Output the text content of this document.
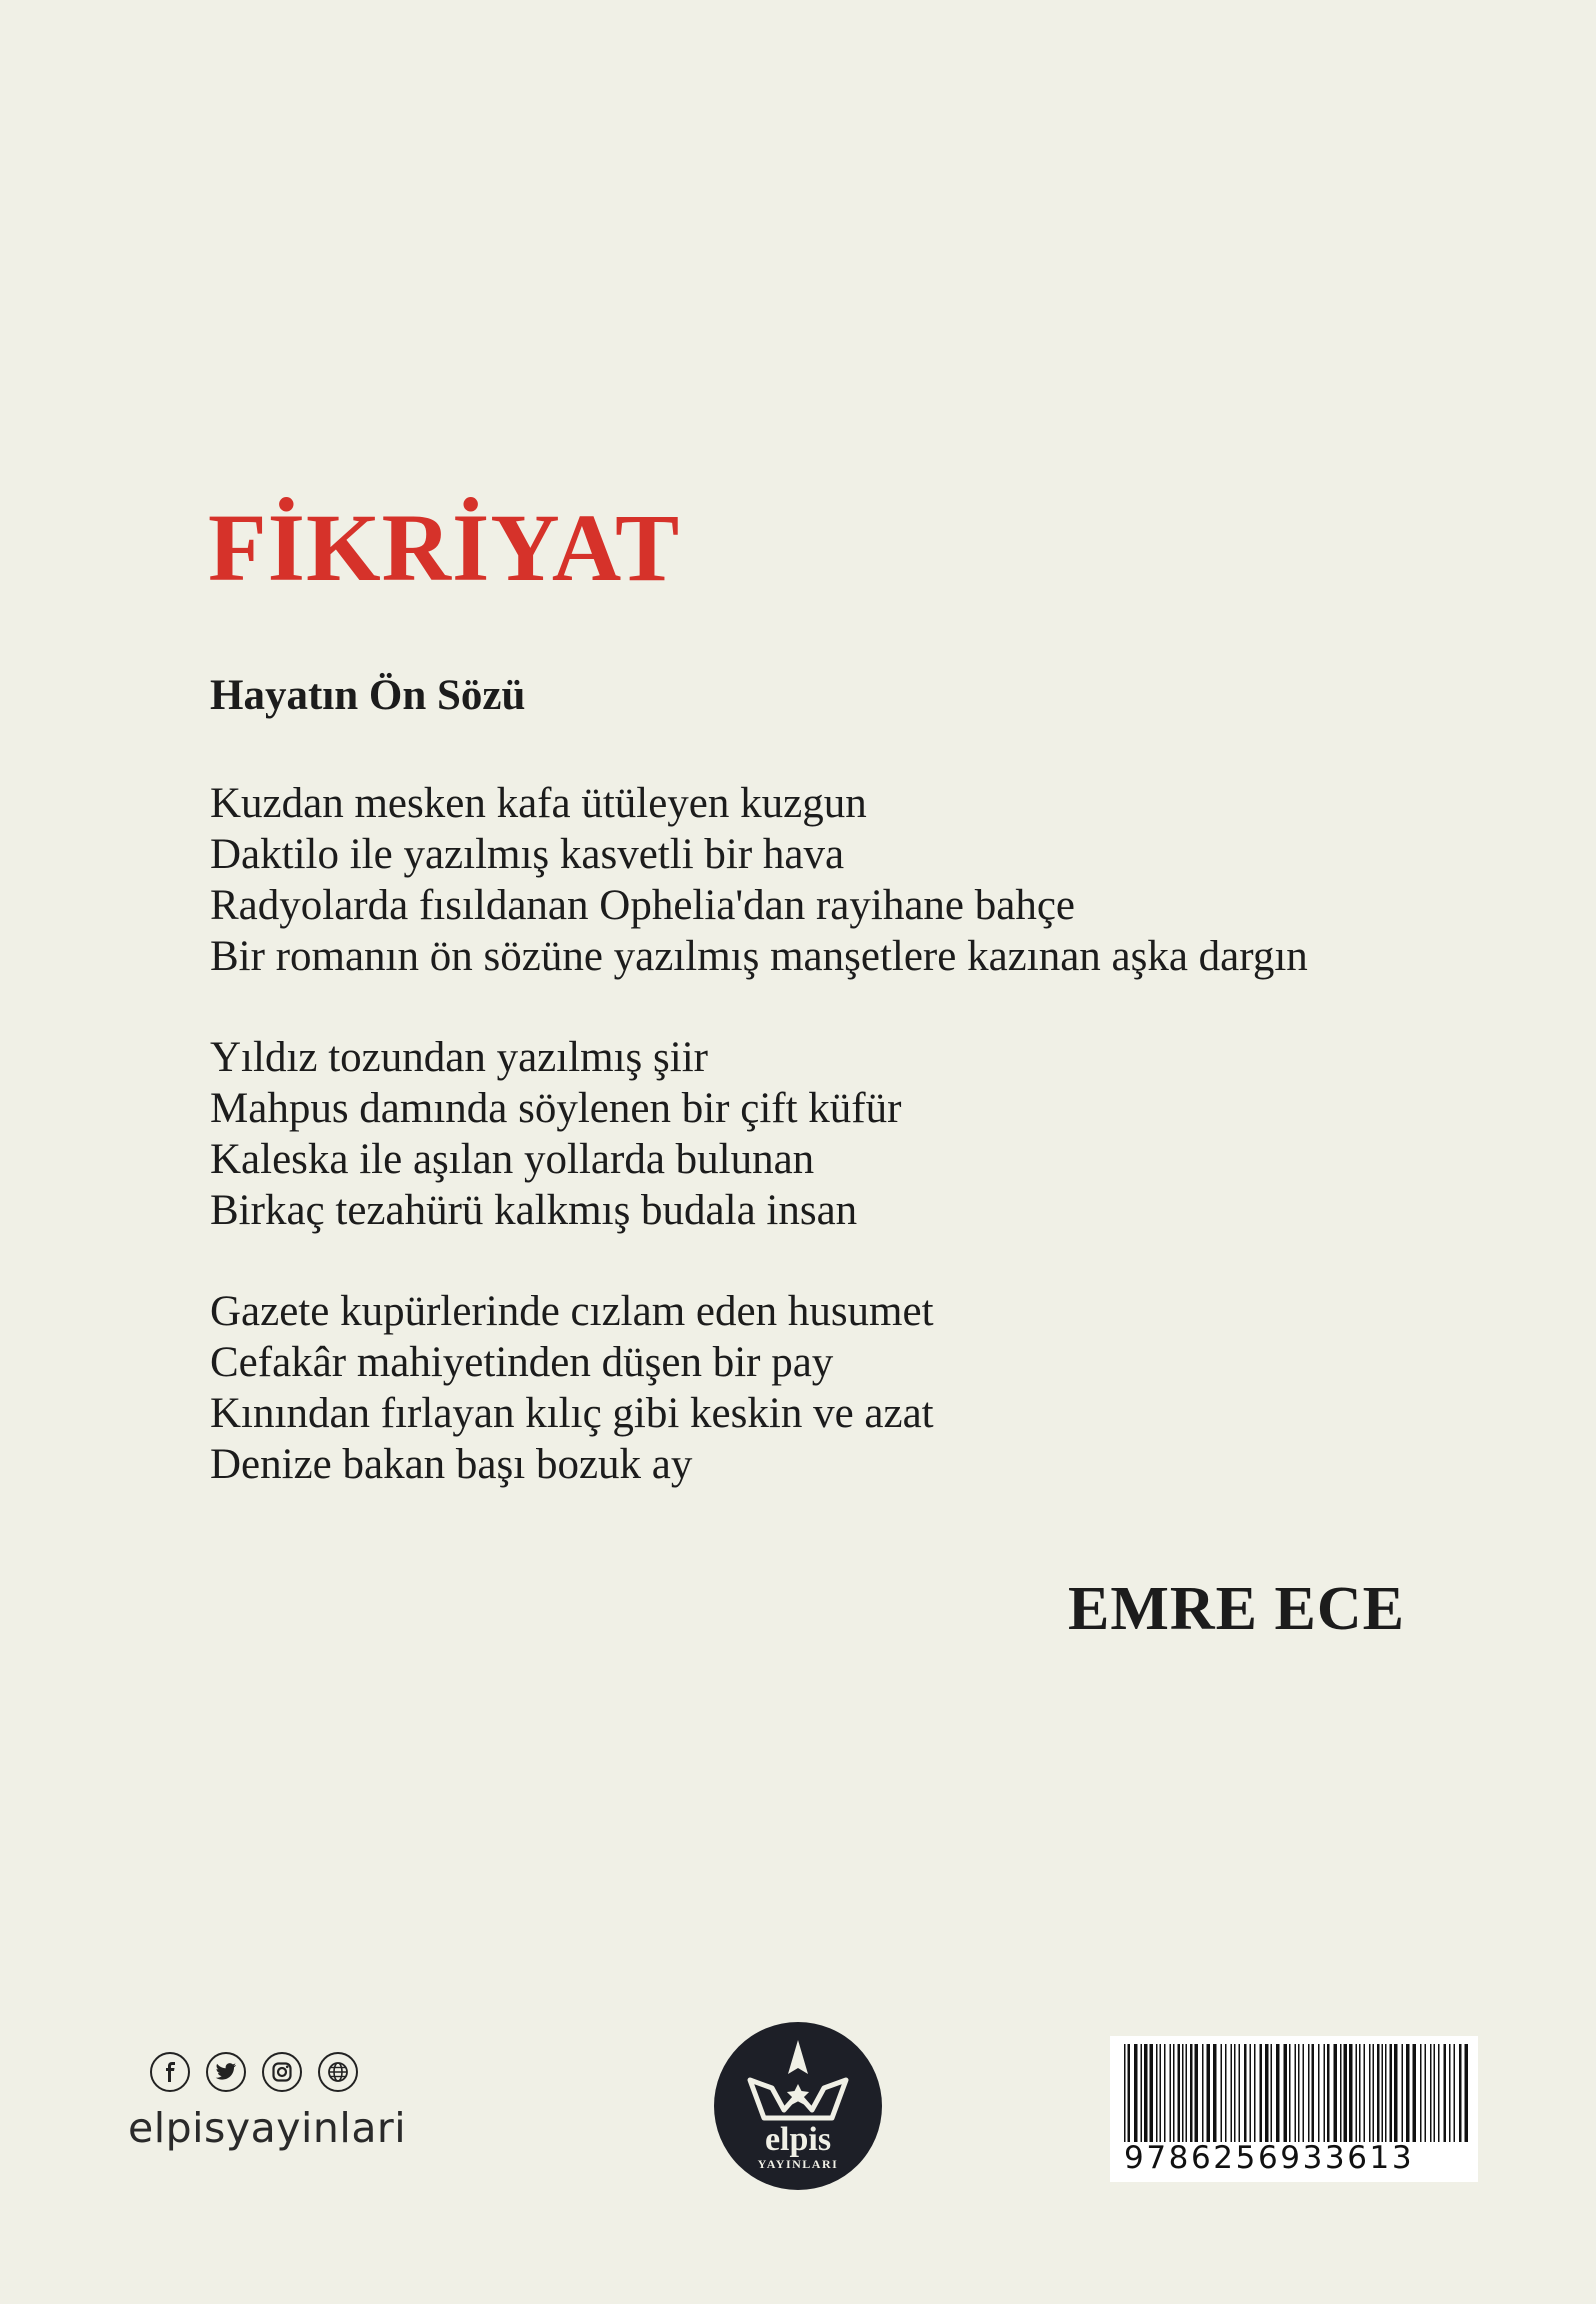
FİKRİYAT
Hayatın Ön Sözü
Kuzdan mesken kafa ütüleyen kuzgun
Daktilo ile yazılmış kasvetli bir hava
Radyolarda fısıldanan Ophelia'dan rayihane bahçe
Bir romanın ön sözüne yazılmış manşetlere kazınan aşka dargın
Yıldız tozundan yazılmış şiir
Mahpus damında söylenen bir çift küfür
Kaleska ile aşılan yollarda bulunan
Birkaç tezahürü kalkmış budala insan
Gazete kupürlerinde cızlam eden husumet
Cefakâr mahiyetinden düşen bir pay
Kınından fırlayan kılıç gibi keskin ve azat
Denize bakan başı bozuk ay
EMRE ECE
elpisyayinlari	elpis
YAYINLARI	9786256933613
